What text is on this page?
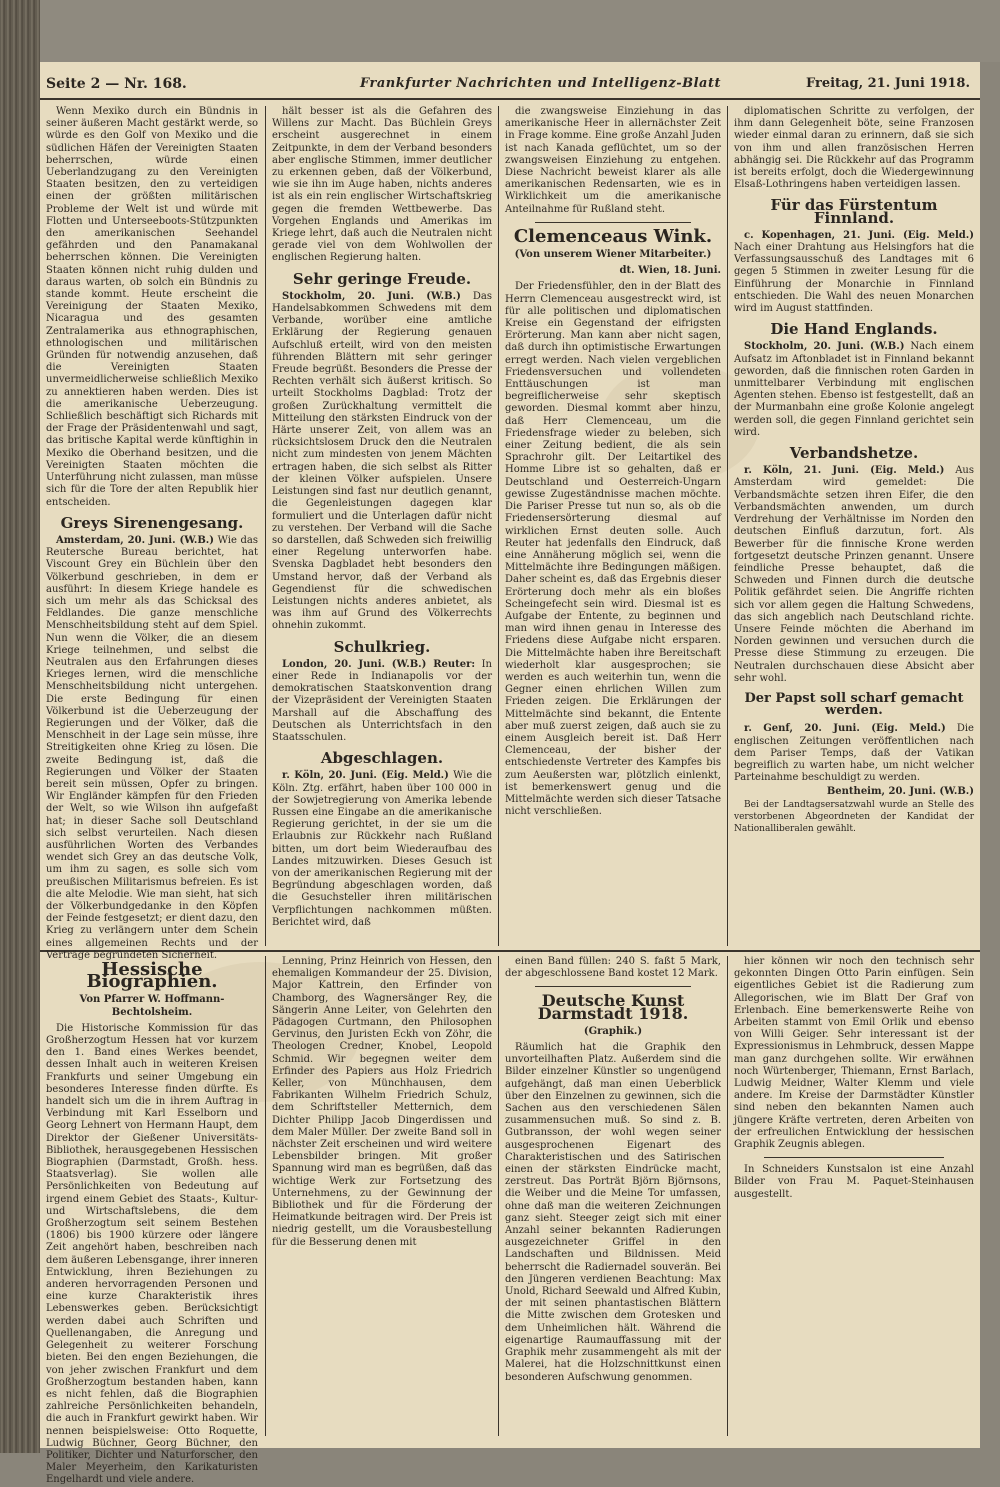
Seite 2 — Nr. 168.	Frankfurter Nachrichten und Intelligenz-Blatt	Freitag, 21. Juni 1918.

Wenn Mexiko durch ein Bündnis in seiner äußeren Macht gestärkt werde, so würde es den Golf von Mexiko und die südlichen Häfen der Vereinigten Staaten beherrschen, würde einen Ueberlandzugang zu den Vereinigten Staaten besitzen, den zu verteidigen einen der größten militärischen Probleme der Welt ist und würde mit Flotten und Unterseeboots-Stützpunkten den amerikanischen Seehandel gefährden und den Panamakanal beherrschen können. Die Vereinigten Staaten können nicht ruhig dulden und daraus warten, ob solch ein Bündnis zu stande kommt. Heute erscheint die Vereinigung der Staaten Mexiko, Nicaragua und des gesamten Zentralamerika aus ethnographischen, ethnologischen und militärischen Gründen für notwendig anzusehen, daß die Vereinigten Staaten unvermeidlicherweise schließlich Mexiko zu annektieren haben werden. Dies ist die amerikanische Ueberzeugung. Schließlich beschäftigt sich Richards mit der Frage der Präsidentenwahl und sagt, das britische Kapital werde künftighin in Mexiko die Oberhand besitzen, und die Vereinigten Staaten möchten die Unterführung nicht zulassen, man müsse sich für die Tore der alten Republik hier entscheiden.

Greys Sirenengesang.

Amsterdam, 20. Juni. (W.B.) Wie das Reutersche Bureau berichtet, hat Viscount Grey ein Büchlein über den Völkerbund geschrieben, in dem er ausführt: In diesem Kriege handele es sich um mehr als das Schicksal des Feldlandes. Die ganze menschliche Menschheitsbildung steht auf dem Spiel. Nun wenn die Völker, die an diesem Kriege teilnehmen, und selbst die Neutralen aus den Erfahrungen dieses Krieges lernen, wird die menschliche Menschheitsbildung nicht untergehen. Die erste Bedingung für einen Völkerbund ist die Ueberzeugung der Regierungen und der Völker, daß die Menschheit in der Lage sein müsse, ihre Streitigkeiten ohne Krieg zu lösen. Die zweite Bedingung ist, daß die Regierungen und Völker der Staaten bereit sein müssen, Opfer zu bringen. Wir Engländer kämpfen für den Frieden der Welt, so wie Wilson ihn aufgefaßt hat; in dieser Sache soll Deutschland sich selbst verurteilen. Nach diesen ausführlichen Worten des Verbandes wendet sich Grey an das deutsche Volk, um ihm zu sagen, es solle sich vom preußischen Militarismus befreien. Es ist die alte Melodie. Wie man sieht, hat sich der Völkerbundgedanke in den Köpfen der Feinde festgesetzt; er dient dazu, den Krieg zu verlängern unter dem Schein eines allgemeinen Rechts und der Verträge begründeten Sicherheit.

hält besser ist als die Gefahren des Willens zur Macht. Das Büchlein Greys erscheint ausgerechnet in einem Zeitpunkte, in dem der Verband besonders aber englische Stimmen, immer deutlicher zu erkennen geben, daß der Völkerbund, wie sie ihn im Auge haben, nichts anderes ist als ein rein englischer Wirtschaftskrieg gegen die fremden Wettbewerbe. Das Vorgehen Englands und Amerikas im Kriege lehrt, daß auch die Neutralen nicht gerade viel von dem Wohlwollen der englischen Regierung halten.

Sehr geringe Freude.

Stockholm, 20. Juni. (W.B.) Das Handelsabkommen Schwedens mit dem Verbande, worüber eine amtliche Erklärung der Regierung genauen Aufschluß erteilt, wird von den meisten führenden Blättern mit sehr geringer Freude begrüßt. Besonders die Presse der Rechten verhält sich äußerst kritisch. So urteilt Stockholms Dagblad: Trotz der großen Zurückhaltung vermittelt die Mitteilung den stärksten Eindruck von der Härte unserer Zeit, von allem was an rücksichtslosem Druck den die Neutralen nicht zum mindesten von jenem Mächten ertragen haben, die sich selbst als Ritter der kleinen Völker aufspielen. Unsere Leistungen sind fast nur deutlich genannt, die Gegenleistungen dagegen klar formuliert und die Unterlagen dafür nicht zu verstehen. Der Verband will die Sache so darstellen, daß Schweden sich freiwillig einer Regelung unterworfen habe. Svenska Dagbladet hebt besonders den Umstand hervor, daß der Verband als Gegendienst für die schwedischen Leistungen nichts anderes anbietet, als was ihm auf Grund des Völkerrechts ohnehin zukommt.

Schulkrieg.

London, 20. Juni. (W.B.) Reuter: In einer Rede in Indianapolis vor der demokratischen Staatskonvention drang der Vizepräsident der Vereinigten Staaten Marshall auf die Abschaffung des Deutschen als Unterrichtsfach in den Staatsschulen.

Abgeschlagen.

r. Köln, 20. Juni. (Eig. Meld.) Wie die Köln. Ztg. erfährt, haben über 100 000 in der Sowjetregierung von Amerika lebende Russen eine Eingabe an die amerikanische Regierung gerichtet, in der sie um die Erlaubnis zur Rückkehr nach Rußland bitten, um dort beim Wiederaufbau des Landes mitzuwirken. Dieses Gesuch ist von der amerikanischen Regierung mit der Begründung abgeschlagen worden, daß die Gesuchsteller ihren militärischen Verpflichtungen nachkommen müßten. Berichtet wird, daß

die zwangsweise Einziehung in das amerikanische Heer in allernächster Zeit in Frage komme. Eine große Anzahl Juden ist nach Kanada geflüchtet, um so der zwangsweisen Einziehung zu entgehen. Diese Nachricht beweist klarer als alle amerikanischen Redensarten, wie es in Wirklichkeit um die amerikanische Anteilnahme für Rußland steht.

Clemenceaus Wink.
(Von unserem Wiener Mitarbeiter.)
dt. Wien, 18. Juni.

Der Friedensfühler, den in der Blatt des Herrn Clemenceau ausgestreckt wird, ist für alle politischen und diplomatischen Kreise ein Gegenstand der eifrigsten Erörterung. Man kann aber nicht sagen, daß durch ihn optimistische Erwartungen erregt werden. Nach vielen vergeblichen Friedensversuchen und vollendeten Enttäuschungen ist man begreiflicherweise sehr skeptisch geworden. Diesmal kommt aber hinzu, daß Herr Clemenceau, um die Friedensfrage wieder zu beleben, sich einer Zeitung bedient, die als sein Sprachrohr gilt. Der Leitartikel des Homme Libre ist so gehalten, daß er Deutschland und Oesterreich-Ungarn gewisse Zugeständnisse machen möchte. Die Pariser Presse tut nun so, als ob die Friedensersörterung diesmal auf wirklichen Ernst deuten solle. Auch Reuter hat jedenfalls den Eindruck, daß eine Annäherung möglich sei, wenn die Mittelmächte ihre Bedingungen mäßigen. Daher scheint es, daß das Ergebnis dieser Erörterung doch mehr als ein bloßes Scheingefecht sein wird. Diesmal ist es Aufgabe der Entente, zu beginnen und man wird ihnen genau in Interesse des Friedens diese Aufgabe nicht ersparen. Die Mittelmächte haben ihre Bereitschaft wiederholt klar ausgesprochen; sie werden es auch weiterhin tun, wenn die Gegner einen ehrlichen Willen zum Frieden zeigen. Die Erklärungen der Mittelmächte sind bekannt, die Entente aber muß zuerst zeigen, daß auch sie zu einem Ausgleich bereit ist. Daß Herr Clemenceau, der bisher der entschiedenste Vertreter des Kampfes bis zum Aeußersten war, plötzlich einlenkt, ist bemerkenswert genug und die Mittelmächte werden sich dieser Tatsache nicht verschließen.

diplomatischen Schritte zu verfolgen, der ihm dann Gelegenheit böte, seine Franzosen wieder einmal daran zu erinnern, daß sie sich von ihm und allen französischen Herren abhängig sei. Die Rückkehr auf das Programm ist bereits erfolgt, doch die Wiedergewinnung Elsaß-Lothringens haben verteidigen lassen.

Für das Fürstentum Finnland.

c. Kopenhagen, 21. Juni. (Eig. Meld.) Nach einer Drahtung aus Helsingfors hat die Verfassungsausschuß des Landtages mit 6 gegen 5 Stimmen in zweiter Lesung für die Einführung der Monarchie in Finnland entschieden. Die Wahl des neuen Monarchen wird im August stattfinden.

Die Hand Englands.

Stockholm, 20. Juni. (W.B.) Nach einem Aufsatz im Aftonbladet ist in Finnland bekannt geworden, daß die finnischen roten Garden in unmittelbarer Verbindung mit englischen Agenten stehen. Ebenso ist festgestellt, daß an der Murmanbahn eine große Kolonie angelegt werden soll, die gegen Finnland gerichtet sein wird.

Verbandshetze.

r. Köln, 21. Juni. (Eig. Meld.) Aus Amsterdam wird gemeldet: Die Verbandsmächte setzen ihren Eifer, die den Verbandsmächten anwenden, um durch Verdrehung der Verhältnisse im Norden den deutschen Einfluß darzutun, fort. Als Bewerber für die finnische Krone werden fortgesetzt deutsche Prinzen genannt. Unsere feindliche Presse behauptet, daß die Schweden und Finnen durch die deutsche Politik gefährdet seien. Die Angriffe richten sich vor allem gegen die Haltung Schwedens, das sich angeblich nach Deutschland richte. Unsere Feinde möchten die Aberhand im Norden gewinnen und versuchen durch die Presse diese Stimmung zu erzeugen. Die Neutralen durchschauen diese Absicht aber sehr wohl.

Der Papst soll scharf gemacht werden.

r. Genf, 20. Juni. (Eig. Meld.) Die englischen Zeitungen veröffentlichen nach dem Pariser Temps, daß der Vatikan begreiflich zu warten habe, um nicht welcher Parteinahme beschuldigt zu werden.

Bentheim, 20. Juni. (W.B.)

Bei der Landtagsersatzwahl wurde an Stelle des verstorbenen Abgeordneten der Kandidat der Nationalliberalen gewählt.

Hessische Biographien.
Von Pfarrer W. Hoffmann-Bechtolsheim.

Die Historische Kommission für das Großherzogtum Hessen hat vor kurzem den 1. Band eines Werkes beendet, dessen Inhalt auch in weiteren Kreisen Frankfurts und seiner Umgebung ein besonderes Interesse finden dürfte. Es handelt sich um die in ihrem Auftrag in Verbindung mit Karl Esselborn und Georg Lehnert von Hermann Haupt, dem Direktor der Gießener Universitäts-Bibliothek, herausgegebenen Hessischen Biographien (Darmstadt, Großh. hess. Staatsverlag). Sie wollen alle Persönlichkeiten von Bedeutung auf irgend einem Gebiet des Staats-, Kultur- und Wirtschaftslebens, die dem Großherzogtum seit seinem Bestehen (1806) bis 1900 kürzere oder längere Zeit angehört haben, beschreiben nach dem äußeren Lebensgange, ihrer inneren Entwicklung, ihren Beziehungen zu anderen hervorragenden Personen und eine kurze Charakteristik ihres Lebenswerkes geben. Berücksichtigt werden dabei auch Schriften und Quellenangaben, die Anregung und Gelegenheit zu weiterer Forschung bieten. Bei den engen Beziehungen, die von jeher zwischen Frankfurt und dem Großherzogtum bestanden haben, kann es nicht fehlen, daß die Biographien zahlreiche Persönlichkeiten behandeln, die auch in Frankfurt gewirkt haben. Wir nennen beispielsweise: Otto Roquette, Ludwig Büchner, Georg Büchner, den Politiker, Dichter und Naturforscher, den Maler Meyerheim, den Karikaturisten Engelhardt und viele andere.

Lenning, Prinz Heinrich von Hessen, den ehemaligen Kommandeur der 25. Division, Major Kattrein, den Erfinder von Chamborg, des Wagnersänger Rey, die Sängerin Anne Leiter, von Gelehrten den Pädagogen Curtmann, den Philosophen Gervinus, den Juristen Eckh von Zöhr, die Theologen Credner, Knobel, Leopold Schmid. Wir begegnen weiter dem Erfinder des Papiers aus Holz Friedrich Keller, von Münchhausen, dem Fabrikanten Wilhelm Friedrich Schulz, dem Schriftsteller Metternich, dem Dichter Philipp Jacob Dingerdissen und dem Maler Müller. Der zweite Band soll in nächster Zeit erscheinen und wird weitere Lebensbilder bringen. Mit großer Spannung wird man es begrüßen, daß das wichtige Werk zur Fortsetzung des Unternehmens, zu der Gewinnung der Bibliothek und für die Förderung der Heimatkunde beitragen wird. Der Preis ist niedrig gestellt, um die Vorausbestellung für die Besserung denen mit

einen Band füllen: 240 S. faßt 5 Mark, der abgeschlossene Band kostet 12 Mark.

Deutsche Kunst Darmstadt 1918.
(Graphik.)

Räumlich hat die Graphik den unvorteilhaften Platz. Außerdem sind die Bilder einzelner Künstler so ungenügend aufgehängt, daß man einen Ueberblick über den Einzelnen zu gewinnen, sich die Sachen aus den verschiedenen Sälen zusammensuchen muß. So sind z. B. Gutbransson, der wohl wegen seiner ausgesprochenen Eigenart des Charakteristischen und des Satirischen einen der stärksten Eindrücke macht, zerstreut. Das Porträt Björn Björnsons, die Weiber und die Meine Tor umfassen, ohne daß man die weiteren Zeichnungen ganz sieht. Steeger zeigt sich mit einer Anzahl seiner bekannten Radierungen ausgezeichneter Griffel in den Landschaften und Bildnissen. Meid beherrscht die Radiernadel souverän. Bei den Jüngeren verdienen Beachtung: Max Unold, Richard Seewald und Alfred Kubin, der mit seinen phantastischen Blättern die Mitte zwischen dem Grotesken und dem Unheimlichen hält. Während die eigenartige Raumauffassung mit der Graphik mehr zusammengeht als mit der Malerei, hat die Holzschnittkunst einen besonderen Aufschwung genommen.

hier können wir noch den technisch sehr gekonnten Dingen Otto Parin einfügen. Sein eigentliches Gebiet ist die Radierung zum Allegorischen, wie im Blatt Der Graf von Erlenbach. Eine bemerkenswerte Reihe von Arbeiten stammt von Emil Orlik und ebenso von Willi Geiger. Sehr interessant ist der Expressionismus in Lehmbruck, dessen Mappe man ganz durchgehen sollte. Wir erwähnen noch Würtenberger, Thiemann, Ernst Barlach, Ludwig Meidner, Walter Klemm und viele andere. Im Kreise der Darmstädter Künstler sind neben den bekannten Namen auch jüngere Kräfte vertreten, deren Arbeiten von der erfreulichen Entwicklung der hessischen Graphik Zeugnis ablegen.

In Schneiders Kunstsalon ist eine Anzahl Bilder von Frau M. Paquet-Steinhausen ausgestellt.
